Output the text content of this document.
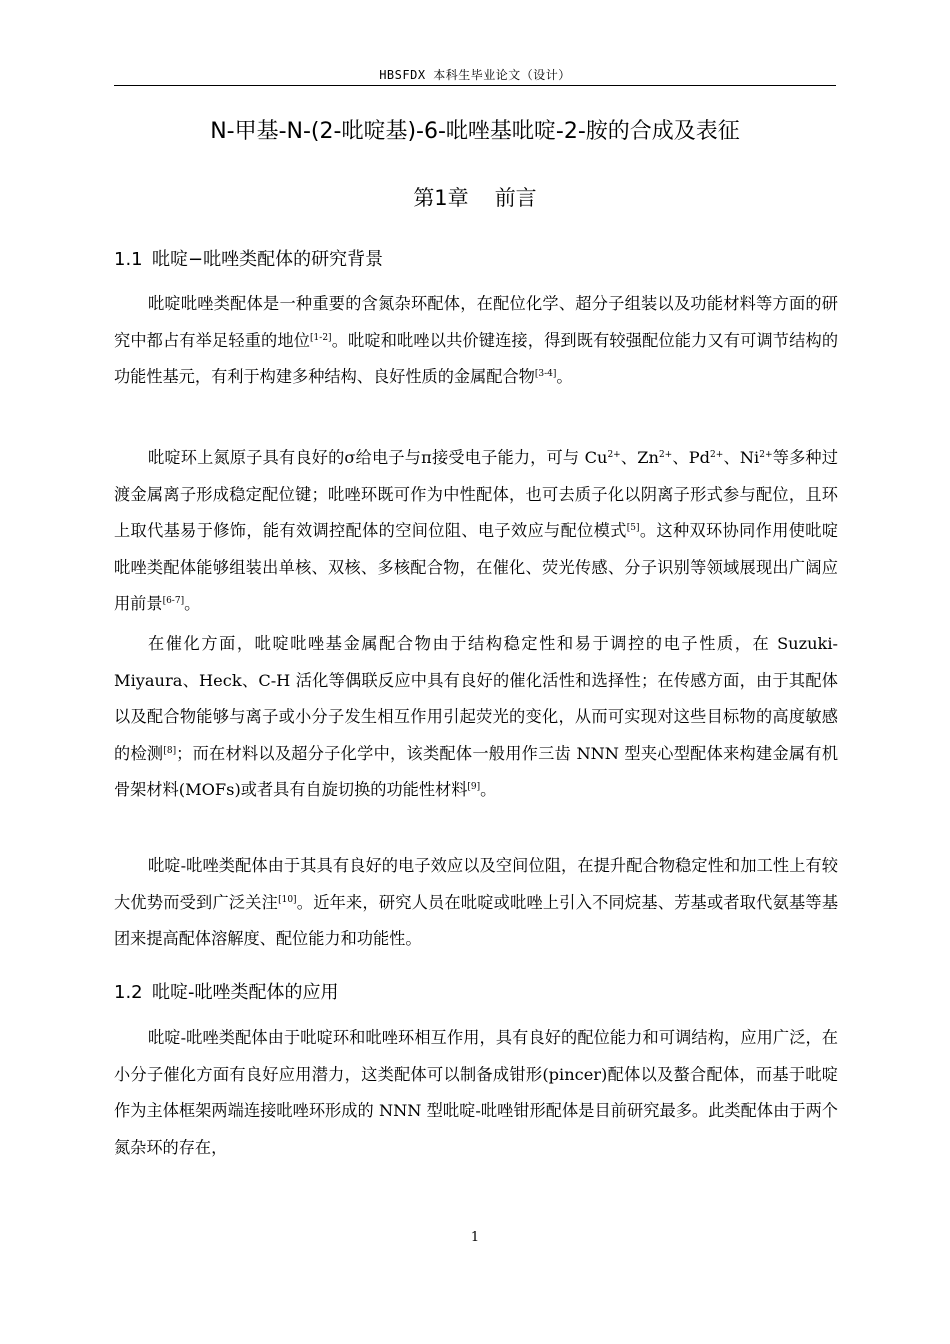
HBSFDX 本科生毕业论文（设计）
N-甲基-N-(2-吡啶基)-6-吡唑基吡啶-2-胺的合成及表征
第1章 前言
1.1 吡啶−吡唑类配体的研究背景

吡啶吡唑类配体是一种重要的含氮杂环配体，在配位化学、超分子组装以及功能材料等方面的研究中都占有举足轻重的地位[1-2]。吡啶和吡唑以共价键连接，得到既有较强配位能力又有可调节结构的功能性基元，有利于构建多种结构、良好性质的金属配合物[3-4]。

吡啶环上氮原子具有良好的σ给电子与π接受电子能力，可与 $Cu^{2+}$、$Zn^{2+}$、$Pd^{2+}$、$Ni^{2+}$等多种过渡金属离子形成稳定配位键；吡唑环既可作为中性配体，也可去质子化以阴离子形式参与配位，且环上取代基易于修饰，能有效调控配体的空间位阻、电子效应与配位模式[5]。这种双环协同作用使吡啶吡唑类配体能够组装出单核、双核、多核配合物，在催化、荧光传感、分子识别等领域展现出广阔应用前景[6-7]。

在催化方面，吡啶吡唑基金属配合物由于结构稳定性和易于调控的电子性质，在 Suzuki-Miyaura、Heck、C-H 活化等偶联反应中具有良好的催化活性和选择性；在传感方面，由于其配体以及配合物能够与离子或小分子发生相互作用引起荧光的变化，从而可实现对这些目标物的高度敏感的检测[8]；而在材料以及超分子化学中，该类配体一般用作三齿 NNN 型夹心型配体来构建金属有机骨架材料(MOFs)或者具有自旋切换的功能性材料[9]。

吡啶-吡唑类配体由于其具有良好的电子效应以及空间位阻，在提升配合物稳定性和加工性上有较大优势而受到广泛关注[10]。近年来，研究人员在吡啶或吡唑上引入不同烷基、芳基或者取代氨基等基团来提高配体溶解度、配位能力和功能性。

1.2 吡啶-吡唑类配体的应用

吡啶-吡唑类配体由于吡啶环和吡唑环相互作用，具有良好的配位能力和可调结构，应用广泛，在小分子催化方面有良好应用潜力，这类配体可以制备成钳形(pincer)配体以及螯合配体，而基于吡啶作为主体框架两端连接吡唑环形成的 NNN 型吡啶-吡唑钳形配体是目前研究最多。此类配体由于两个氮杂环的存在，

1
